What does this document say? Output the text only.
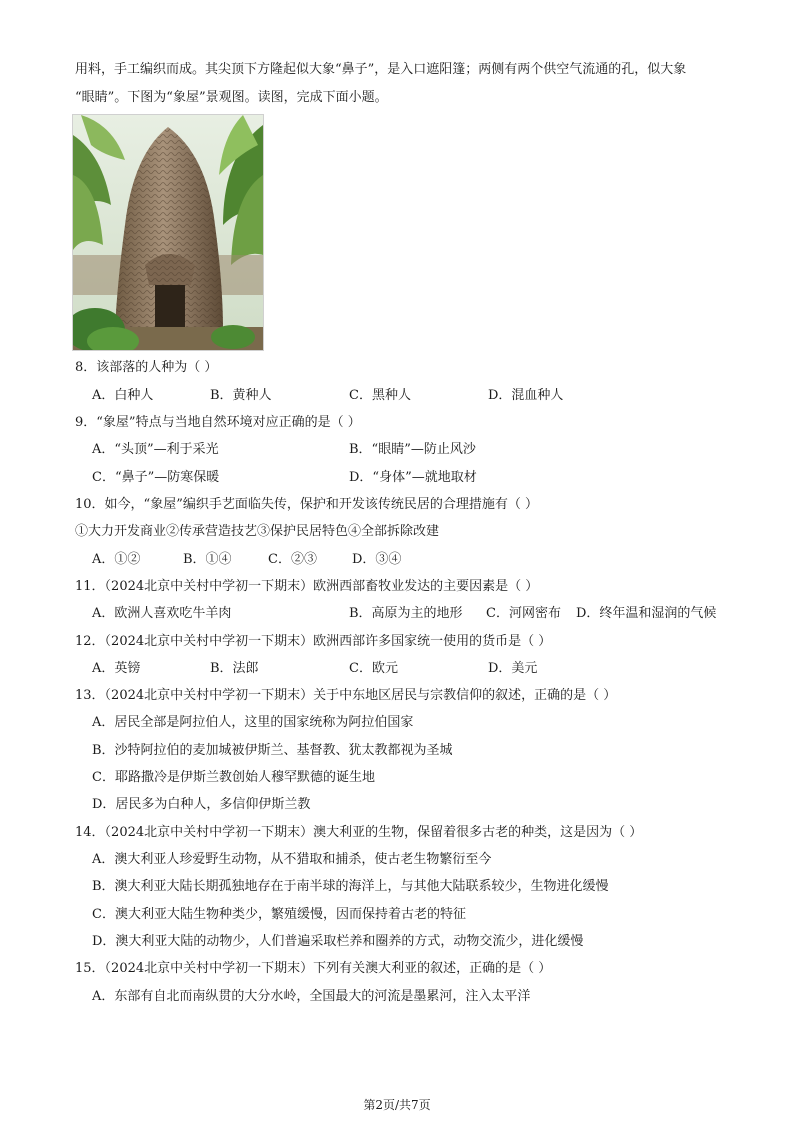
用料，手工编织而成。其尖顶下方隆起似大象“鼻子”，是入口遮阳篷；两侧有两个供空气流通的孔，似大象
“眼睛”。下图为“象屋”景观图。读图，完成下面小题。
8．该部落的人种为（ ）
A．白种人	B．黄种人	C．黑种人	D．混血种人
9．“象屋”特点与当地自然环境对应正确的是（ ）
A．“头顶”—利于采光	B．“眼睛”—防止风沙
C．“鼻子”—防寒保暖	D．“身体”—就地取材
10．如今，“象屋”编织手艺面临失传，保护和开发该传统民居的合理措施有（ ）
①大力开发商业②传承营造技艺③保护民居特色④全部拆除改建
A．①②	B．①④	C．②③	D．③④
11．（2024北京中关村中学初一下期末）欧洲西部畜牧业发达的主要因素是（ ）
A．欧洲人喜欢吃牛羊肉	B．高原为主的地形 C．河网密布 D．终年温和湿润的气候
12．（2024北京中关村中学初一下期末）欧洲西部许多国家统一使用的货币是（ ）
A．英镑	B．法郎	C．欧元	D．美元
13．（2024北京中关村中学初一下期末）关于中东地区居民与宗教信仰的叙述，正确的是（ ）
A．居民全部是阿拉伯人，这里的国家统称为阿拉伯国家
B．沙特阿拉伯的麦加城被伊斯兰、基督教、犹太教都视为圣城
C．耶路撒冷是伊斯兰教创始人穆罕默德的诞生地
D．居民多为白种人，多信仰伊斯兰教
14．（2024北京中关村中学初一下期末）澳大利亚的生物，保留着很多古老的种类，这是因为（ ）
A．澳大利亚人珍爱野生动物，从不猎取和捕杀，使古老生物繁衍至今
B．澳大利亚大陆长期孤独地存在于南半球的海洋上，与其他大陆联系较少，生物进化缓慢
C．澳大利亚大陆生物种类少，繁殖缓慢，因而保持着古老的特征
D．澳大利亚大陆的动物少，人们普遍采取栏养和圈养的方式，动物交流少，进化缓慢
15．（2024北京中关村中学初一下期末）下列有关澳大利亚的叙述，正确的是（ ）
A．东部有自北而南纵贯的大分水岭，全国最大的河流是墨累河，注入太平洋
第2页/共7页
